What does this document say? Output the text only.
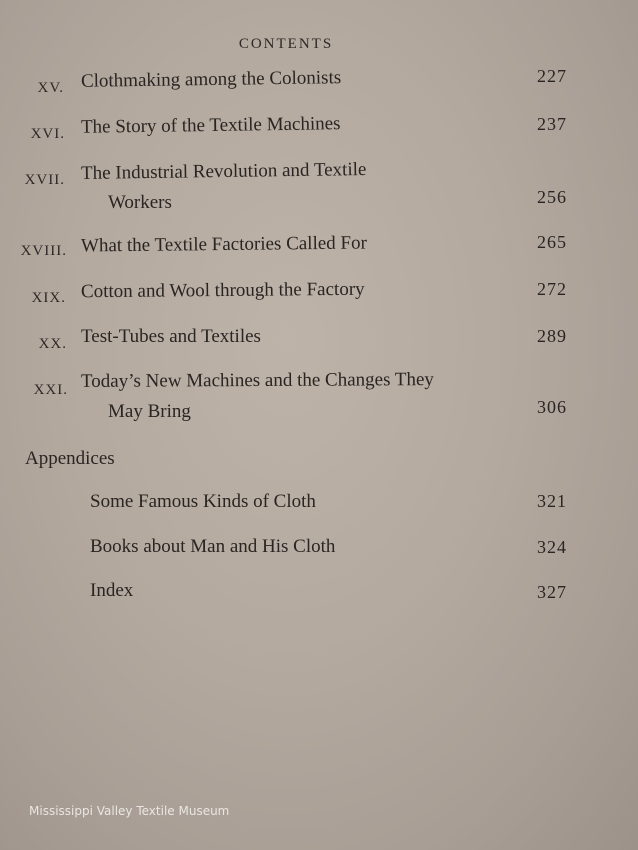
CONTENTS
XV. Clothmaking among the Colonists	227
XVI. The Story of the Textile Machines	237
XVII. The Industrial Revolution and Textile
Workers	256
XVIII. What the Textile Factories Called For	265
XIX. Cotton and Wool through the Factory	272
XX. Test-Tubes and Textiles	289
XXI. Today’s New Machines and the Changes They
May Bring	306
Appendices
Some Famous Kinds of Cloth	321
Books about Man and His Cloth	324
Index	327
Mississippi Valley Textile Museum
